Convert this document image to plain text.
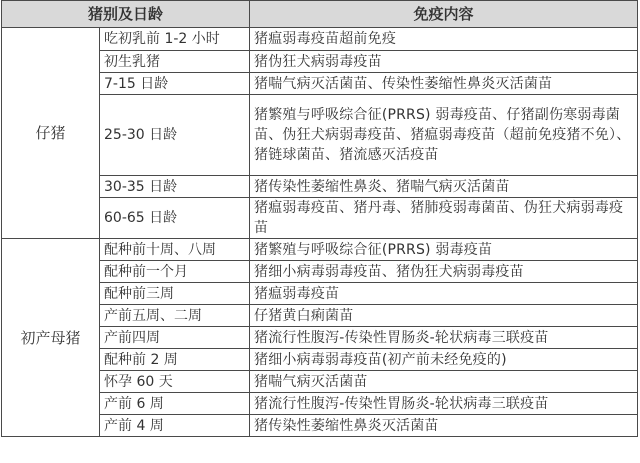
猪别及日龄		免疫内容
仔猪	吃初乳前 1-2 小时	猪瘟弱毒疫苗超前免疫
	初生乳猪	猪伪狂犬病弱毒疫苗
	7-15 日龄	猪喘气病灭活菌苗、传染性萎缩性鼻炎灭活菌苗
	25-30 日龄	猪繁殖与呼吸综合征(PRRS) 弱毒疫苗、仔猪副伤寒弱毒菌苗、伪狂犬病弱毒疫苗、猪瘟弱毒疫苗（超前免疫猪不免）、猪链球菌苗、猪流感灭活疫苗
	30-35 日龄	猪传染性萎缩性鼻炎、猪喘气病灭活菌苗
	60-65 日龄	猪瘟弱毒疫苗、猪丹毒、猪肺疫弱毒菌苗、伪狂犬病弱毒疫苗
初产母猪	配种前十周、八周	猪繁殖与呼吸综合征(PRRS) 弱毒疫苗
	配种前一个月	猪细小病毒弱毒疫苗、猪伪狂犬病弱毒疫苗
	配种前三周	猪瘟弱毒疫苗
	产前五周、二周	仔猪黄白痢菌苗
	产前四周	猪流行性腹泻-传染性胃肠炎-轮状病毒三联疫苗
	配种前 2 周	猪细小病毒弱毒疫苗(初产前未经免疫的)
	怀孕 60 天	猪喘气病灭活菌苗
	产前 6 周	猪流行性腹泻-传染性胃肠炎-轮状病毒三联疫苗
	产前 4 周	猪传染性萎缩性鼻炎灭活菌苗
